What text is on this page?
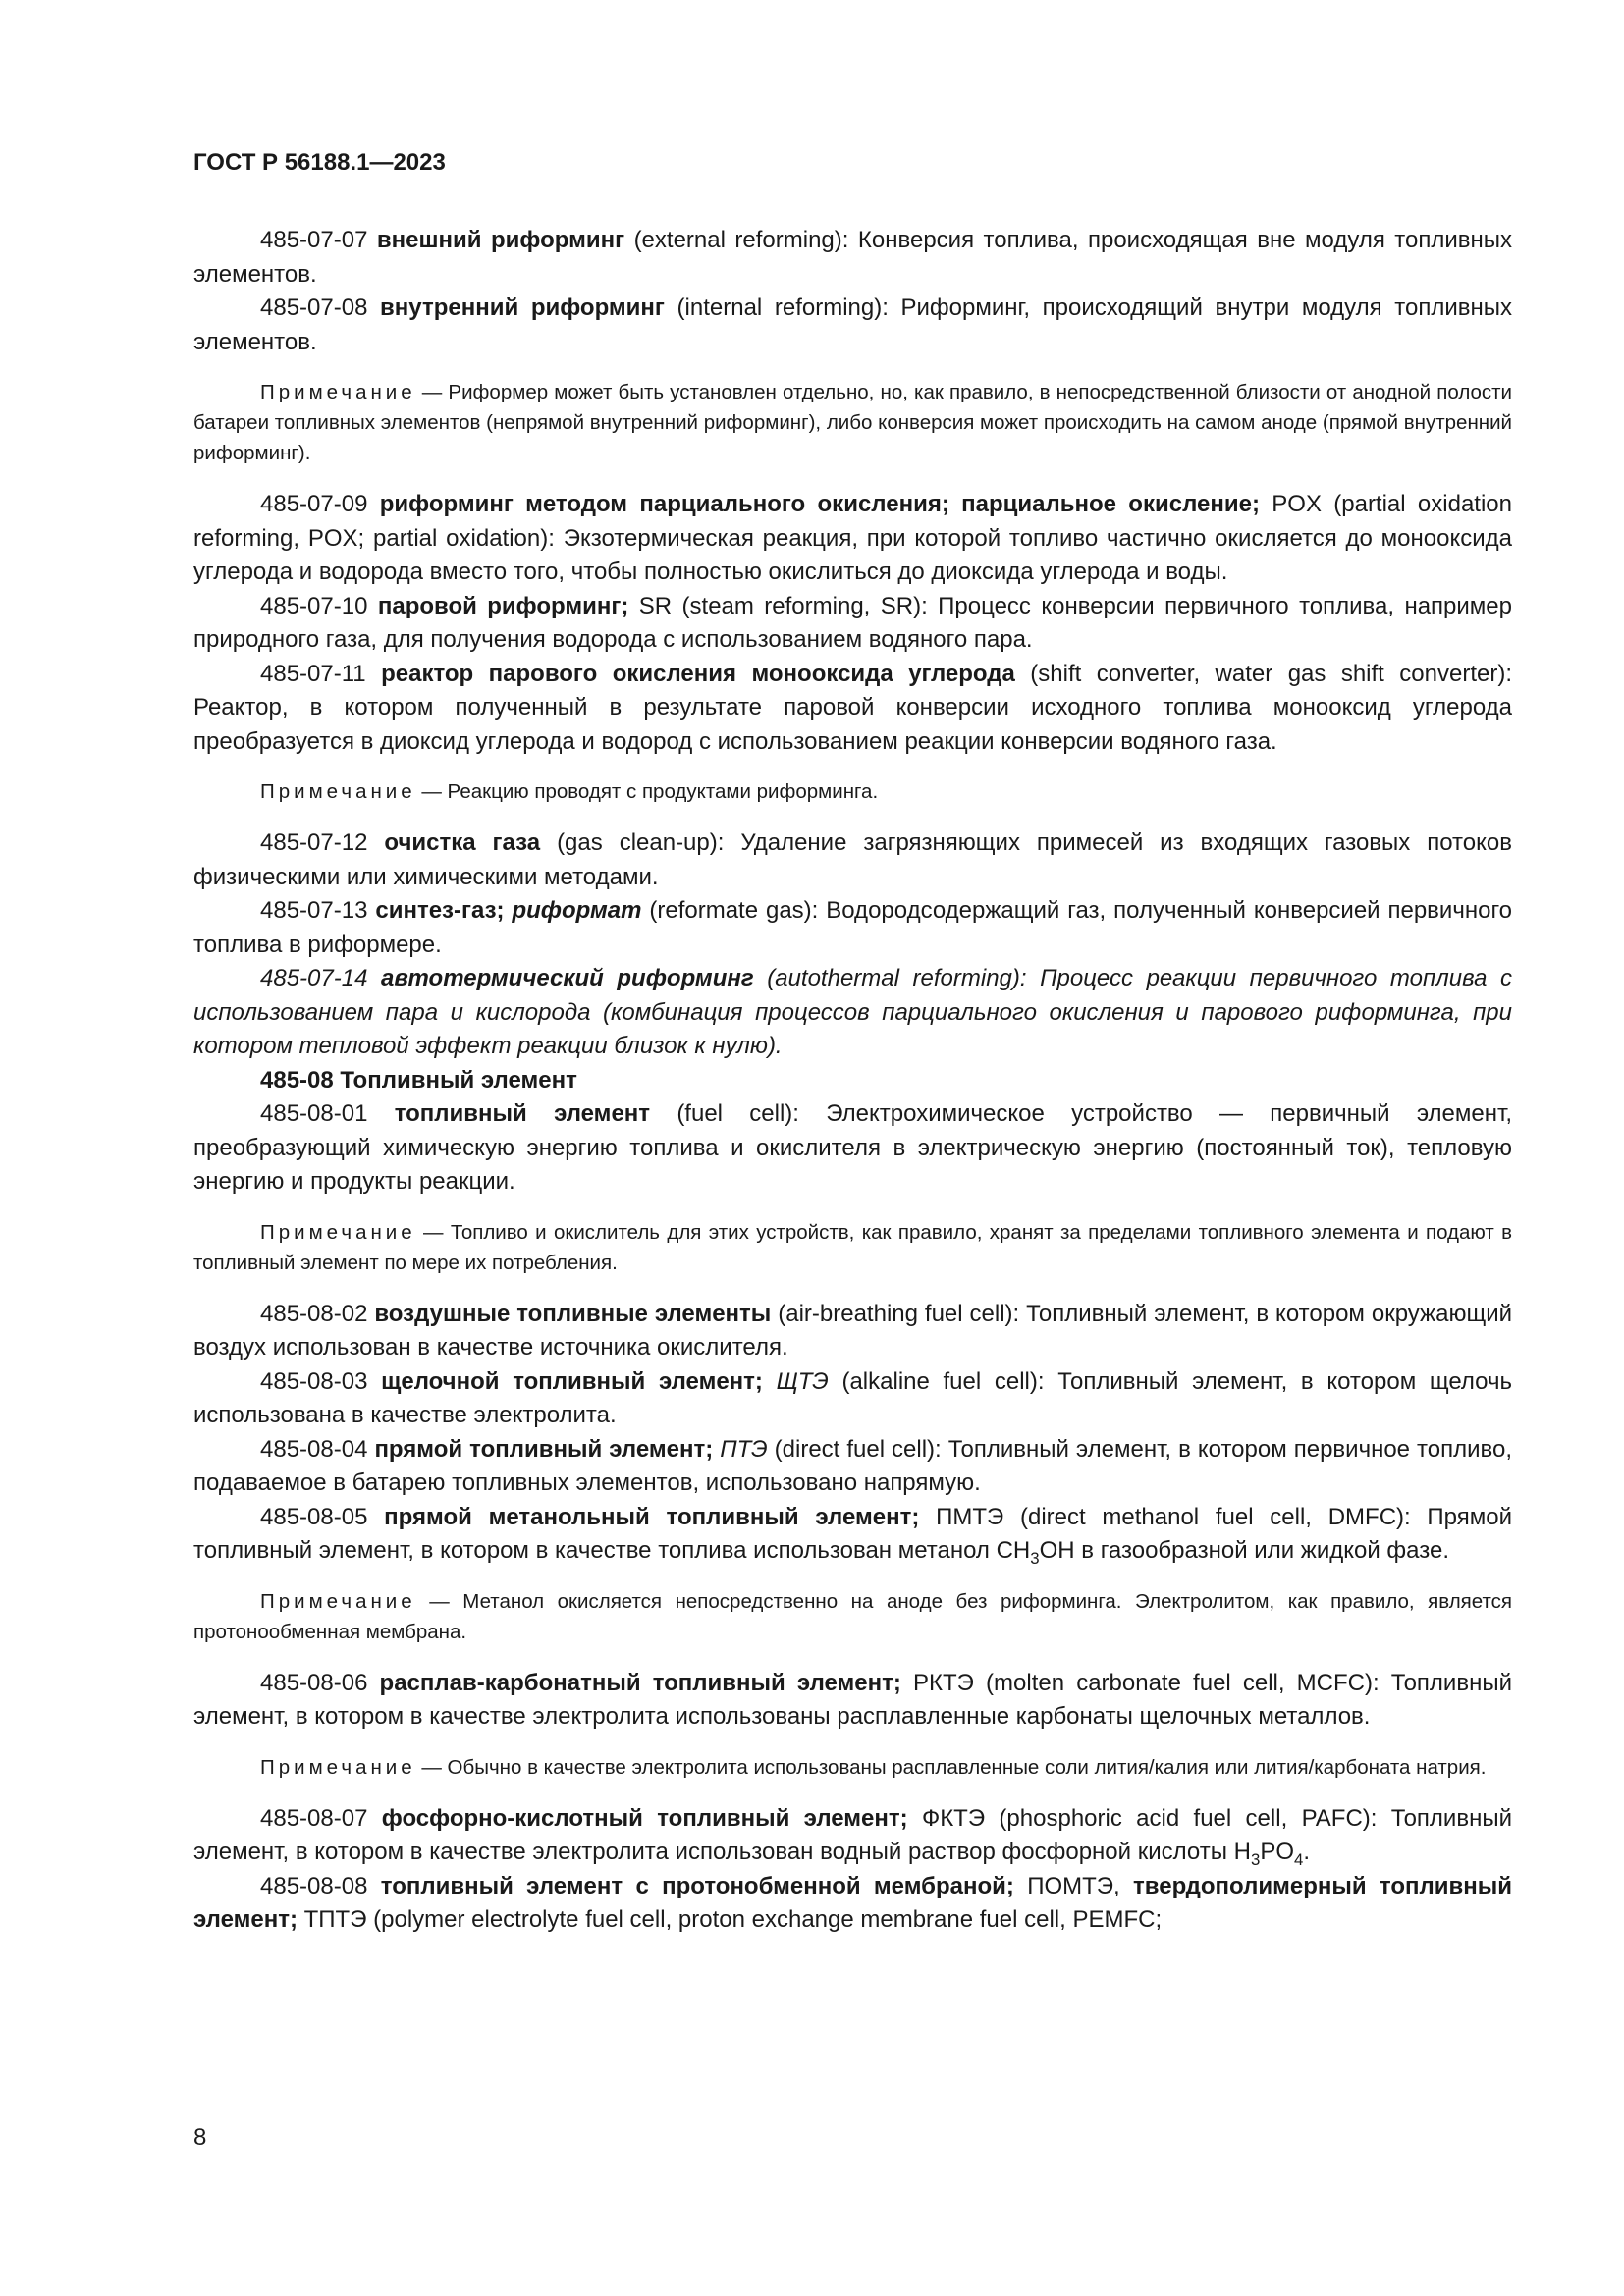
ГОСТ Р 56188.1—2023

485-07-07 внешний риформинг (external reforming): Конверсия топлива, происходящая вне модуля топливных элементов.

485-07-08 внутренний риформинг (internal reforming): Риформинг, происходящий внутри модуля топливных элементов.

Примечание — Риформер может быть установлен отдельно, но, как правило, в непосредственной близости от анодной полости батареи топливных элементов (непрямой внутренний риформинг), либо конверсия может происходить на самом аноде (прямой внутренний риформинг).

485-07-09 риформинг методом парциального окисления; парциальное окисление; POX (partial oxidation reforming, POX; partial oxidation): Экзотермическая реакция, при которой топливо частично окисляется до монооксида углерода и водорода вместо того, чтобы полностью окислиться до диоксида углерода и воды.

485-07-10 паровой риформинг; SR (steam reforming, SR): Процесс конверсии первичного топлива, например природного газа, для получения водорода с использованием водяного пара.

485-07-11 реактор парового окисления монооксида углерода (shift converter, water gas shift converter): Реактор, в котором полученный в результате паровой конверсии исходного топлива монооксид углерода преобразуется в диоксид углерода и водород с использованием реакции конверсии водяного газа.

Примечание — Реакцию проводят с продуктами риформинга.

485-07-12 очистка газа (gas clean-up): Удаление загрязняющих примесей из входящих газовых потоков физическими или химическими методами.

485-07-13 синтез-газ; риформат (reformate gas): Водородсодержащий газ, полученный конверсией первичного топлива в риформере.

485-07-14 автотермический риформинг (autothermal reforming): Процесс реакции первичного топлива с использованием пара и кислорода (комбинация процессов парциального окисления и парового риформинга, при котором тепловой эффект реакции близок к нулю).

485-08 Топливный элемент

485-08-01 топливный элемент (fuel cell): Электрохимическое устройство — первичный элемент, преобразующий химическую энергию топлива и окислителя в электрическую энергию (постоянный ток), тепловую энергию и продукты реакции.

Примечание — Топливо и окислитель для этих устройств, как правило, хранят за пределами топливного элемента и подают в топливный элемент по мере их потребления.

485-08-02 воздушные топливные элементы (air-breathing fuel cell): Топливный элемент, в котором окружающий воздух использован в качестве источника окислителя.

485-08-03 щелочной топливный элемент; ЩТЭ (alkaline fuel cell): Топливный элемент, в котором щелочь использована в качестве электролита.

485-08-04 прямой топливный элемент; ПТЭ (direct fuel cell): Топливный элемент, в котором первичное топливо, подаваемое в батарею топливных элементов, использовано напрямую.

485-08-05 прямой метанольный топливный элемент; ПМТЭ (direct methanol fuel cell, DMFC): Прямой топливный элемент, в котором в качестве топлива использован метанол $CH_3OH$ в газообразной или жидкой фазе.

Примечание — Метанол окисляется непосредственно на аноде без риформинга. Электролитом, как правило, является протонообменная мембрана.

485-08-06 расплав-карбонатный топливный элемент; РКТЭ (molten carbonate fuel cell, MCFC): Топливный элемент, в котором в качестве электролита использованы расплавленные карбонаты щелочных металлов.

Примечание — Обычно в качестве электролита использованы расплавленные соли лития/калия или лития/карбоната натрия.

485-08-07 фосфорно-кислотный топливный элемент; ФКТЭ (phosphoric acid fuel cell, PAFC): Топливный элемент, в котором в качестве электролита использован водный раствор фосфорной кислоты $H_3PO_4$.

485-08-08 топливный элемент с протонобменной мембраной; ПОМТЭ, твердополимерный топливный элемент; ТПТЭ (polymer electrolyte fuel cell, proton exchange membrane fuel cell, PEMFC;

8
